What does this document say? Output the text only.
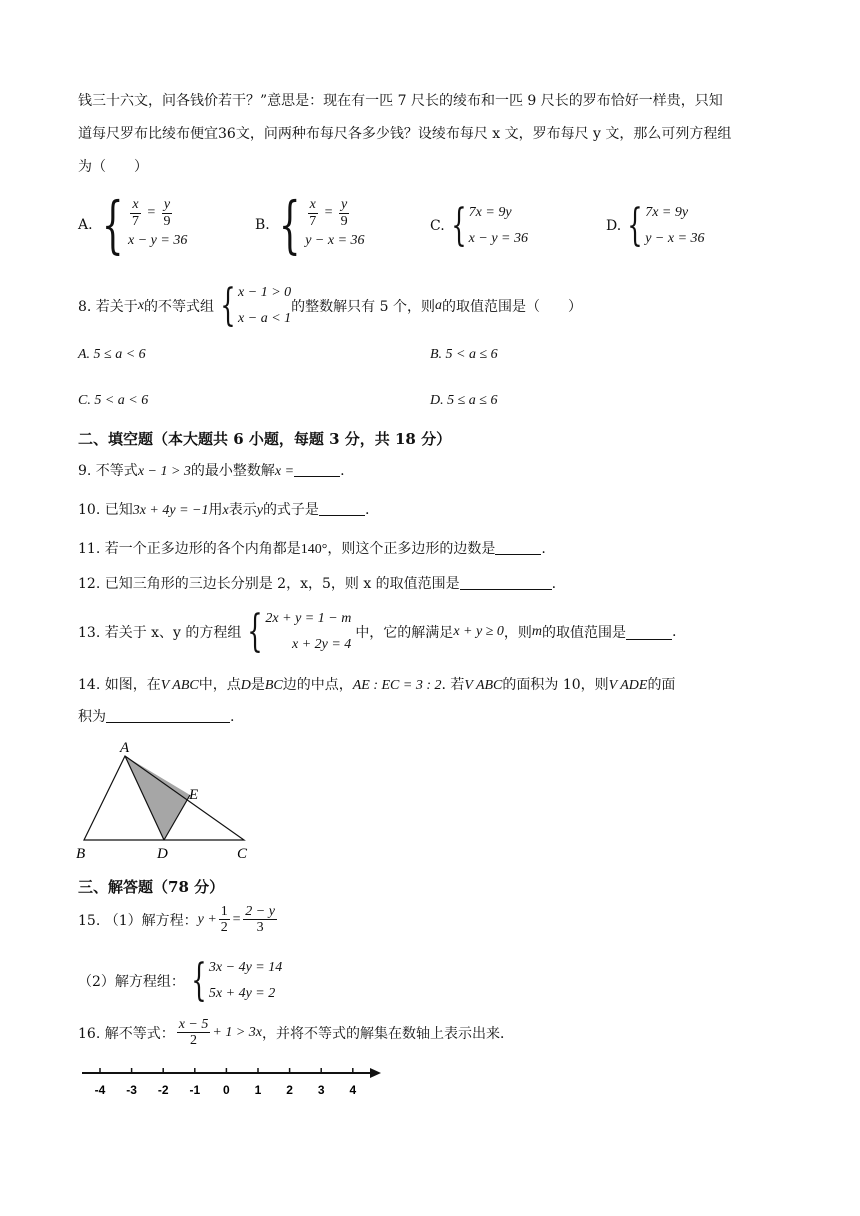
钱三十六文，问各钱价若干？”意思是：现在有一匹 7 尺长的绫布和一匹 9 尺长的罗布恰好一样贵，只知
道每尺罗布比绫布便宜36文，问两种布每尺各多少钱？设绫布每尺 x 文，罗布每尺 y 文，那么可列方程组
为（　　）
A. { $\frac{x}{7} = \frac{y}{9}$
x − y = 36
B. { $\frac{x}{7} = \frac{y}{9}$
y − x = 36
C. { 7x = 9y
x − y = 36
D. { 7x = 9y
y − x = 36
8. 若关于 x 的不等式组 { x − 1 > 0
x − a < 1
的整数解只有 5 个，则 a 的取值范围是（　　）
A. 5 ≤ a < 6	B. 5 < a ≤ 6
C. 5 < a < 6	D. 5 ≤ a ≤ 6
二、填空题（本大题共 6 小题，每题 3 分，共 18 分）
9. 不等式x − 1 > 3的最小整数解x =	.
10. 已知3x + 4y = −1用x表示y的式子是	.
11. 若一个正多边形的各个内角都是140°，则这个正多边形的边数是	.
12. 已知三角形的三边长分别是 2，x，5，则 x 的取值范围是	.
13. 若关于 x、y 的方程组 { 2x + y = 1 − m
x + 2y = 4
中，它的解满足 x + y ≥ 0 ，则 m 的取值范围是	.
14. 如图，在V ABC中，点D是BC边的中点，AE : EC = 3 : 2. 若V ABC的面积为 10，则V ADE的面
积为	.
A
B	D	C
E
三、解答题（78 分）
15. （1）解方程： $y + \frac{1}{2} = \frac{2 - y}{3}$
（2）解方程组： { 3x − 4y = 14
5x + 4y = 2
16. 解不等式： $\frac{x - 5}{2} + 1 > 3x$ ，并将不等式的解集在数轴上表示出来．
-4 -3 -2 -1 0 1 2 3 4
